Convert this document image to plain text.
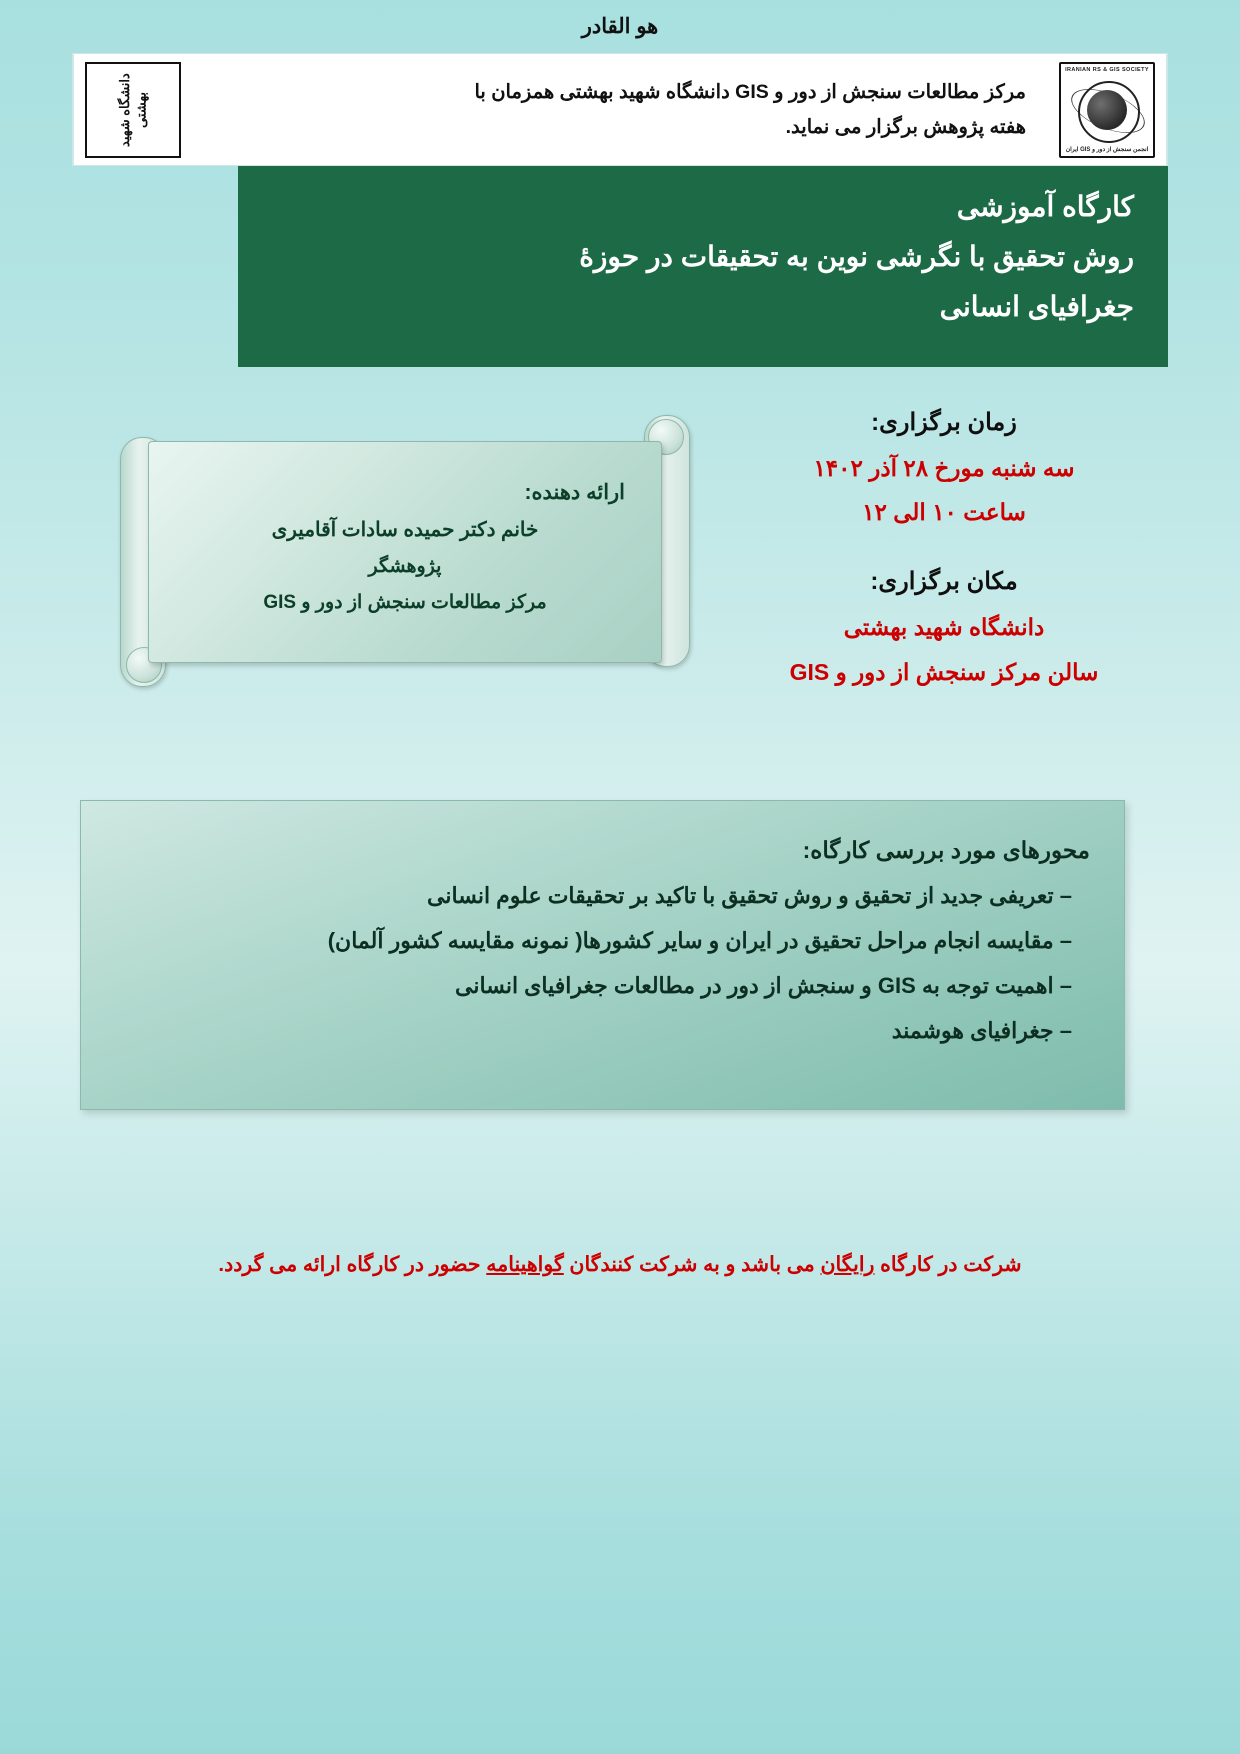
هو القادر
دانشگاه شهید بهشتی	مرکز مطالعات سنجش از دور و GIS دانشگاه شهید بهشتی همزمان با

هفته پژوهش برگزار می نماید.

IRANIAN RS & GIS SOCIETY
انجمن سنجش از دور و GIS ایران
کارگاه آموزشی
روش تحقیق با نگرشی نوین به تحقیقات در حوزهٔ
جغرافیای انسانی
زمان برگزاری:
سه شنبه مورخ ۲۸ آذر ۱۴۰۲
ساعت ۱۰ الی ۱۲
مکان برگزاری:
دانشگاه شهید بهشتی
سالن مرکز سنجش از دور و GIS
ارائه دهنده:
خانم دکتر حمیده سادات آقامیری
پژوهشگر
مرکز مطالعات سنجش از دور و GIS
محورهای مورد بررسی کارگاه:
– تعریفی جدید از تحقیق و روش تحقیق با تاکید بر تحقیقات علوم انسانی
– مقایسه انجام مراحل تحقیق در ایران و سایر کشورها( نمونه مقایسه کشور آلمان)
– اهمیت توجه به GIS و سنجش از دور در مطالعات جغرافیای انسانی
– جغرافیای هوشمند
شرکت در کارگاه رایگان می باشد و به شرکت کنندگان گواهینامه حضور در کارگاه ارائه می گردد.
